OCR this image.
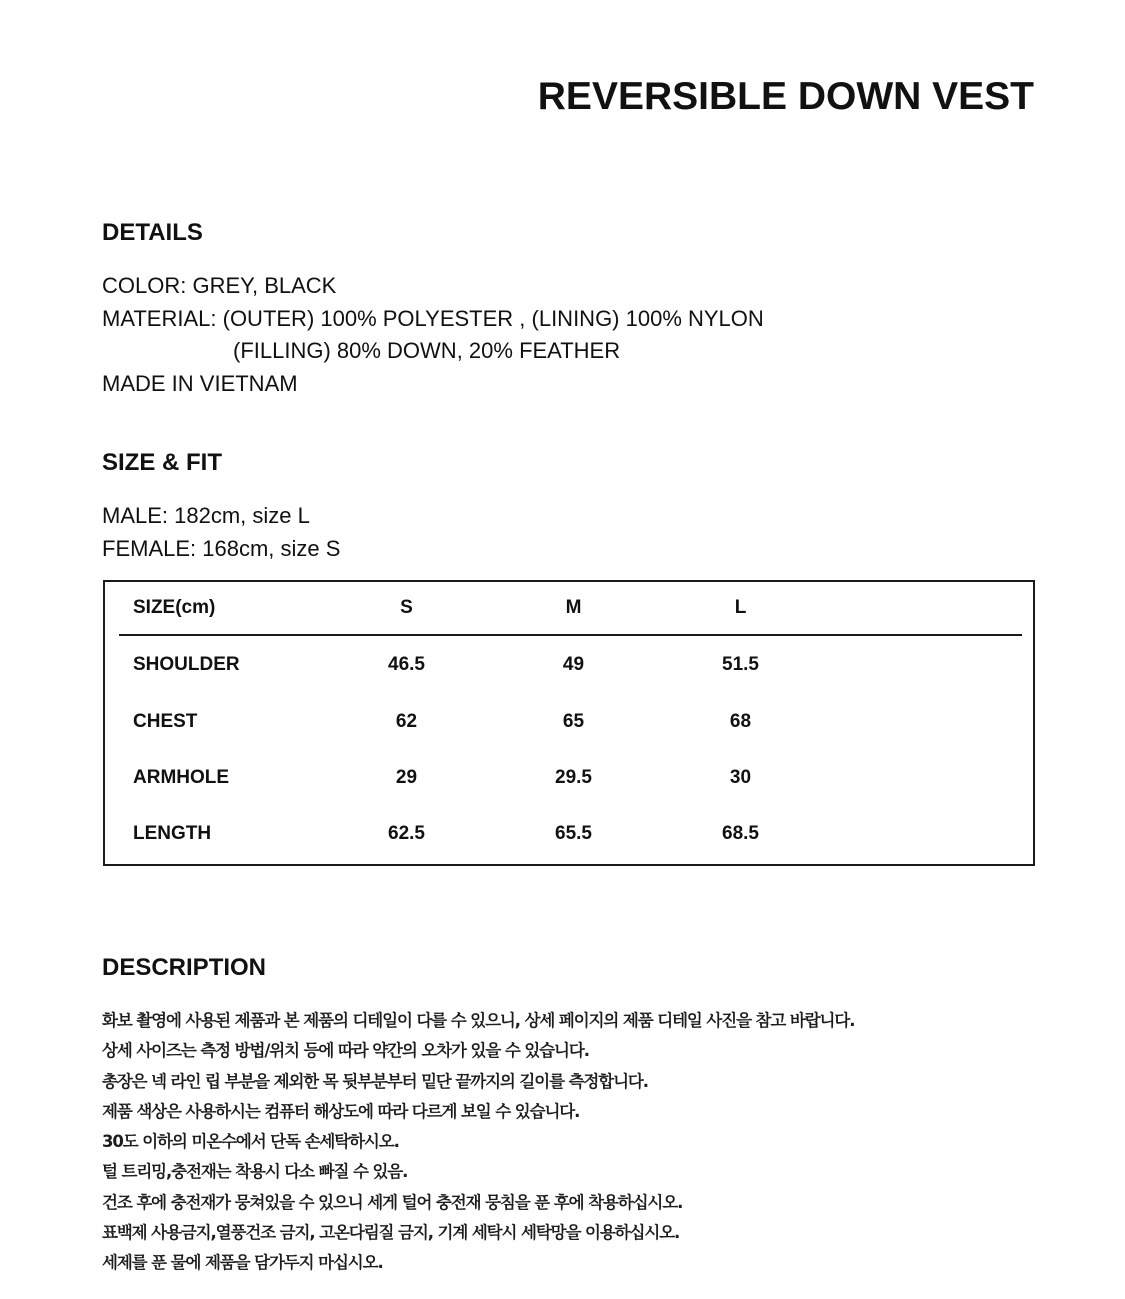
REVERSIBLE DOWN VEST
DETAILS
COLOR: GREY, BLACK
MATERIAL: (OUTER) 100% POLYESTER , (LINING) 100% NYLON
(FILLING) 80% DOWN, 20% FEATHER
MADE IN VIETNAM
SIZE & FIT
MALE: 182cm, size L
FEMALE: 168cm, size S
SIZE(cm)	S	M	L	
SHOULDER	46.5	49	51.5	
CHEST	62	65	68	
ARMHOLE	29	29.5	30	
LENGTH	62.5	65.5	68.5	
DESCRIPTION
화보 촬영에 사용된 제품과 본 제품의 디테일이 다를 수 있으니, 상세 페이지의 제품 디테일 사진을 참고 바랍니다.
상세 사이즈는 측정 방법/위치 등에 따라 약간의 오차가 있을 수 있습니다.
총장은 넥 라인 립 부분을 제외한 목 뒷부분부터 밑단 끝까지의 길이를 측정합니다.
제품 색상은 사용하시는 컴퓨터 해상도에 따라 다르게 보일 수 있습니다.
30도 이하의 미온수에서 단독 손세탁하시오.
털 트리밍,충전재는 착용시 다소 빠질 수 있음.
건조 후에 충전재가 뭉쳐있을 수 있으니 세게 털어 충전재 뭉침을 푼 후에 착용하십시오.
표백제 사용금지,열풍건조 금지, 고온다림질 금지, 기계 세탁시 세탁망을 이용하십시오.
세제를 푼 물에 제품을 담가두지 마십시오.
